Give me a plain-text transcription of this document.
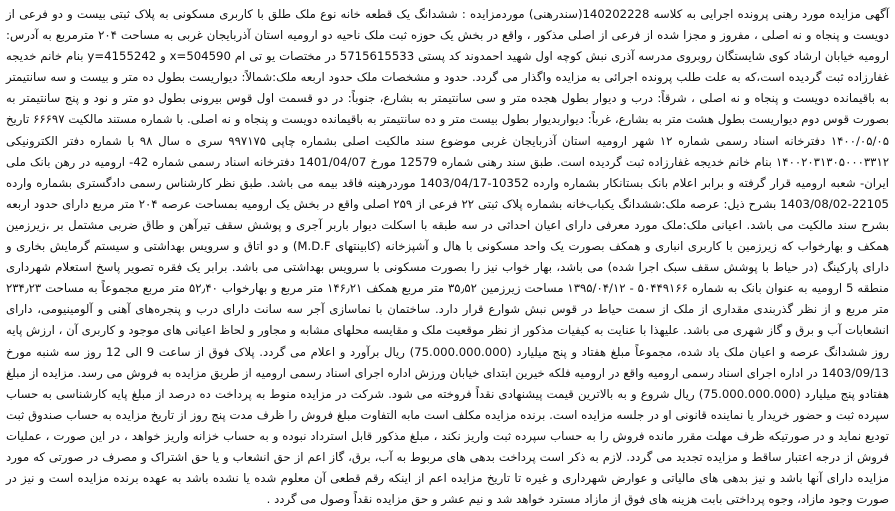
آگهی مزایده مورد رهنی پرونده اجرایی به کلاسه 140202228(سندرهنی) موردمزایده : ششدانگ یک قطعه خانه نوع ملک طلق با کاربری مسکونی به پلاک ثبتی بیست و دو فرعی از دویست و پنجاه و نه اصلی ، مفروز و مجزا شده از فرعی از اصلی مذکور ، واقع در بخش یک حوزه ثبت ملک ناحیه دو ارومیه استان آذربایجان غربی به مساحت ۲۰۴ مترمربع به آدرس: ارومیه خیابان ارشاد کوی شایستگان روبروی مدرسه آذری نبش کوچه اول شهید احمدوند کد پستی 5715615533 در مختصات یو تی ام 504590=x و 4155242=y بنام خانم خدیجه غفارزاده ثبت گردیده است،که به علت طلب پرونده اجرائی به مزایده واگذار می گردد. حدود و مشخصات ملک حدود اربعه ملک:شمالاً: دیواریست بطول ده متر و بیست و سه سانتیمتر به باقیمانده دویست و پنجاه و نه اصلی ، شرقاً: درب و دیوار بطول هجده متر و سی سانتیمتر به بشارع، جنوباً: در دو قسمت اول قوس بیرونی بطول دو متر و نود و پنج سانتیمتر به بصورت قوس دوم دیواریست بطول هشت متر به بشارع، غرباً: دیواربدیوار بطول بیست متر و ده سانتیمتر به باقیمانده دویست و پنجاه و نه اصلی. با شماره مستند مالکیت ۶۶۶۹۷ تاریخ ۱۴۰۰/۰۵/۰۵ دفترخانه اسناد رسمی شماره ۱۲ شهر ارومیه استان آذربایجان غربی موضوع سند مالکیت اصلی بشماره چاپی ۹۹۷۱۷۵ سری ه سال ۹۸ با شماره دفتر الکترونیکی ۱۴۰۰۲۰۳۱۳۰۵۰۰۰۳۳۱۲ بنام خانم خدیجه غفارزاده ثبت گردیده است. طبق سند رهنی شماره 12579 مورخ 1401/04/07 دفترخانه اسناد رسمی شماره 42- ارومیه در رهن بانک ملی ایران- شعبه ارومیه قرار گرفته و برابر اعلام بانک بستانکار بشماره وارده 10352-1403/04/17 موردرهینه فاقد بیمه می باشد. طبق نظر کارشناس رسمی دادگستری بشماره وارده 22105-1403/08/02 بشرح ذیل: عرصه ملک:ششدانگ یکباب‌خانه بشماره پلاک ثبتی ۲۲ فرعی از ۲۵۹ اصلی واقع در بخش یک ارومیه بمساحت عرصه ۲۰۴ متر مربع دارای حدود اربعه بشرح سند مالکیت می باشد. اعیانی ملک:ملک مورد معرفی دارای اعیان احداثی در سه طبقه با اسکلت دیوار باربر آجری و پوشش سقف تیرآهن و طاق ضربی مشتمل بر ،زیرزمین همکف و بهارخواب که زیرزمین با کاربری انباری و همکف بصورت یک واحد مسکونی با هال و آشپزخانه (کابینتهای M.D.F) و دو اتاق و سرویس بهداشتی و سیستم گرمایش بخاری و دارای پارکینگ (در حیاط با پوشش سقف سبک اجرا شده) می باشد، بهار خواب نیز را بصورت مسکونی با سرویس بهداشتی می باشد. برابر یک فقره تصویر پاسخ استعلام شهرداری منطقه 5 ارومیه به عنوان بانک به شماره ۵۰۴۴۹۱۶۶ - ۱۳۹۵/۰۴/۱۲ مساحت زیرزمین ۳۵٫۵۲ متر مربع همکف ۱۴۶٫۲۱ متر مربع و بهارخواب ۵۲٫۴۰ متر مربع مجموعاً به مساحت ۲۳۴٫۲۳ متر مربع و از نظر گذربندی مقداری از ملک از سمت حیاط در قوس نبش شوارع قرار دارد. ساختمان با نماسازی آجر سه سانت دارای درب و پنجره‌های آهنی و آلومینیومی، دارای انشعابات آب و برق و گاز شهری می باشد. علیهذا با عنایت به کیفیات مذکور از نظر موقعیت ملک و مقایسه محلهای مشابه و مجاور و لحاظ اعیانی های موجود و کاربری آن ، ارزش پایه روز ششدانگ عرصه و اعیان ملک یاد شده، مجموعاً مبلغ هفتاد و پنج میلیارد (75.000.000.000) ریال برآورد و اعلام می گردد. پلاک فوق از ساعت 9 الی 12 روز سه شنبه مورخ 1403/09/13 در اداره اجرای اسناد رسمی ارومیه واقع در ارومیه فلکه خیرین ابتدای خیابان ورزش اداره اجرای اسناد رسمی ارومیه از طریق مزایده به فروش می رسد. مزایده از مبلغ هفتادو پنج میلیارد (75.000.000.000) ریال شروع و به بالاترین قیمت پیشنهادی نقداً فروخته می شود. شرکت در مزایده منوط به پرداخت ده درصد از مبلغ پایه کارشناسی به حساب سپرده ثبت و حضور خریدار یا نماینده قانونی او در جلسه مزایده است. برنده مزایده مکلف است مابه التفاوت مبلغ فروش را ظرف مدت پنج روز از تاریخ مزایده به حساب صندوق ثبت تودیع نماید و در صورتیکه ظرف مهلت مقرر مانده فروش را به حساب سپرده ثبت واریز نکند ، مبلغ مذکور قابل استرداد نبوده و به حساب خزانه واریز خواهد ، در این صورت ، عملیات فروش از درجه اعتبار ساقط و مزایده تجدید می گردد. لازم به ذکر است پرداخت بدهی های مربوط به آب، برق، گاز اعم از حق انشعاب و یا حق اشتراک و مصرف در صورتی که مورد مزایده دارای آنها باشد و نیز بدهی های مالیاتی و عوارض شهرداری و غیره تا تاریخ مزایده اعم از اینکه رقم قطعی آن معلوم شده یا نشده باشد به عهده برنده مزایده است و نیز در صورت وجود مازاد، وجوه پرداختی بابت هزینه های فوق از مازاد مسترد خواهد شد و نیم عشر و حق مزایده نقداً وصول می گردد .
